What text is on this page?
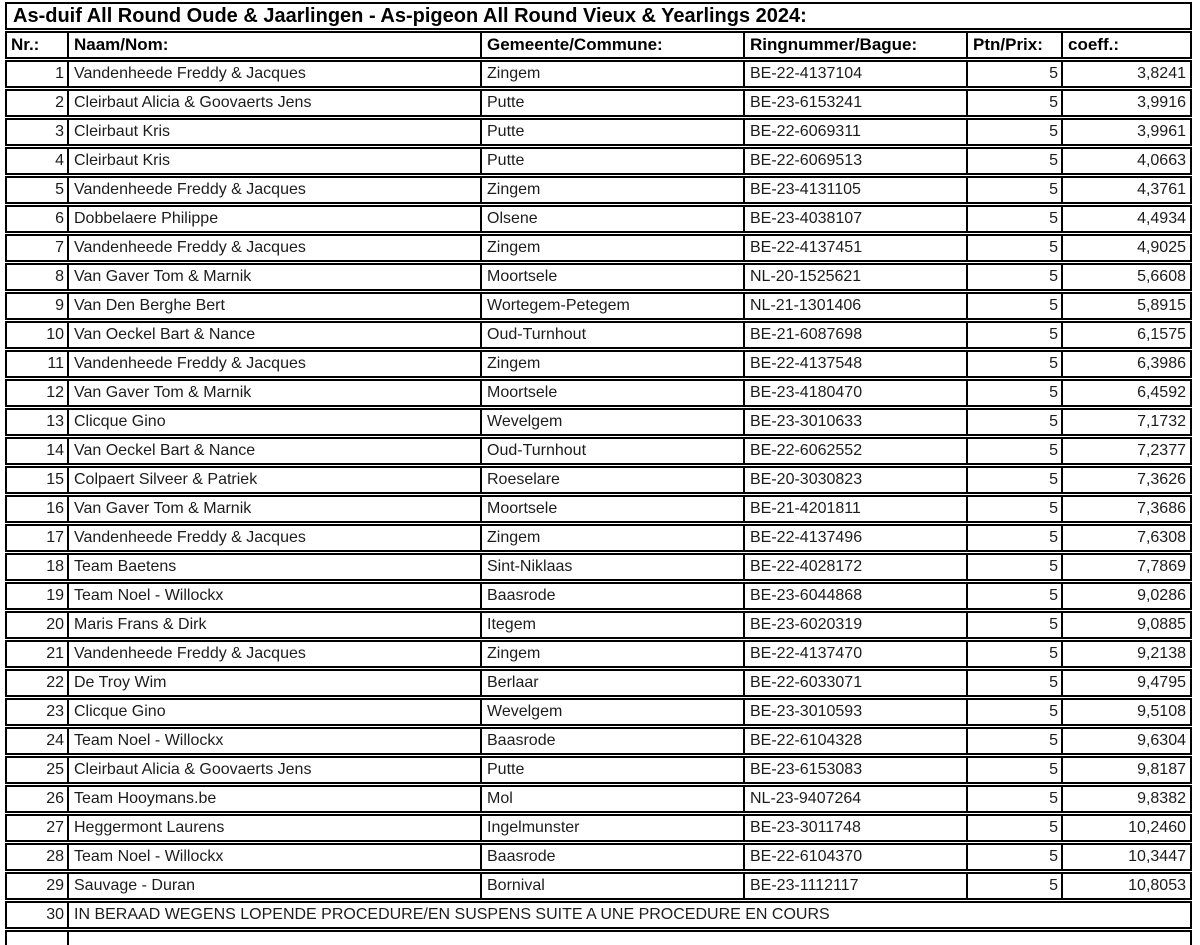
As-duif All Round Oude & Jaarlingen - As-pigeon All Round Vieux & Yearlings 2024:
Nr.:	Naam/Nom:	Gemeente/Commune:	Ringnummer/Bague:	Ptn/Prix:	coeff.:
1 Vandenheede Freddy & Jacques	Zingem	BE-22-4137104	5	3,8241
2 Cleirbaut Alicia & Goovaerts Jens	Putte	BE-23-6153241	5	3,9916
3 Cleirbaut Kris	Putte	BE-22-6069311	5	3,9961
4 Cleirbaut Kris	Putte	BE-22-6069513	5	4,0663
5 Vandenheede Freddy & Jacques	Zingem	BE-23-4131105	5	4,3761
6 Dobbelaere Philippe	Olsene	BE-23-4038107	5	4,4934
7 Vandenheede Freddy & Jacques	Zingem	BE-22-4137451	5	4,9025
8 Van Gaver Tom & Marnik	Moortsele	NL-20-1525621	5	5,6608
9 Van Den Berghe Bert	Wortegem-Petegem	NL-21-1301406	5	5,8915
10 Van Oeckel Bart & Nance	Oud-Turnhout	BE-21-6087698	5	6,1575
11 Vandenheede Freddy & Jacques	Zingem	BE-22-4137548	5	6,3986
12 Van Gaver Tom & Marnik	Moortsele	BE-23-4180470	5	6,4592
13 Clicque Gino	Wevelgem	BE-23-3010633	5	7,1732
14 Van Oeckel Bart & Nance	Oud-Turnhout	BE-22-6062552	5	7,2377
15 Colpaert Silveer & Patriek	Roeselare	BE-20-3030823	5	7,3626
16 Van Gaver Tom & Marnik	Moortsele	BE-21-4201811	5	7,3686
17 Vandenheede Freddy & Jacques	Zingem	BE-22-4137496	5	7,6308
18 Team Baetens	Sint-Niklaas	BE-22-4028172	5	7,7869
19 Team Noel - Willockx	Baasrode	BE-23-6044868	5	9,0286
20 Maris Frans & Dirk	Itegem	BE-23-6020319	5	9,0885
21 Vandenheede Freddy & Jacques	Zingem	BE-22-4137470	5	9,2138
22 De Troy Wim	Berlaar	BE-22-6033071	5	9,4795
23 Clicque Gino	Wevelgem	BE-23-3010593	5	9,5108
24 Team Noel - Willockx	Baasrode	BE-22-6104328	5	9,6304
25 Cleirbaut Alicia & Goovaerts Jens	Putte	BE-23-6153083	5	9,8187
26 Team Hooymans.be	Mol	NL-23-9407264	5	9,8382
27 Heggermont Laurens	Ingelmunster	BE-23-3011748	5	10,2460
28 Team Noel - Willockx	Baasrode	BE-22-6104370	5	10,3447
29 Sauvage - Duran	Bornival	BE-23-1112117	5	10,8053
30 IN BERAAD WEGENS LOPENDE PROCEDURE/EN SUSPENS SUITE A UNE PROCEDURE EN COURS
